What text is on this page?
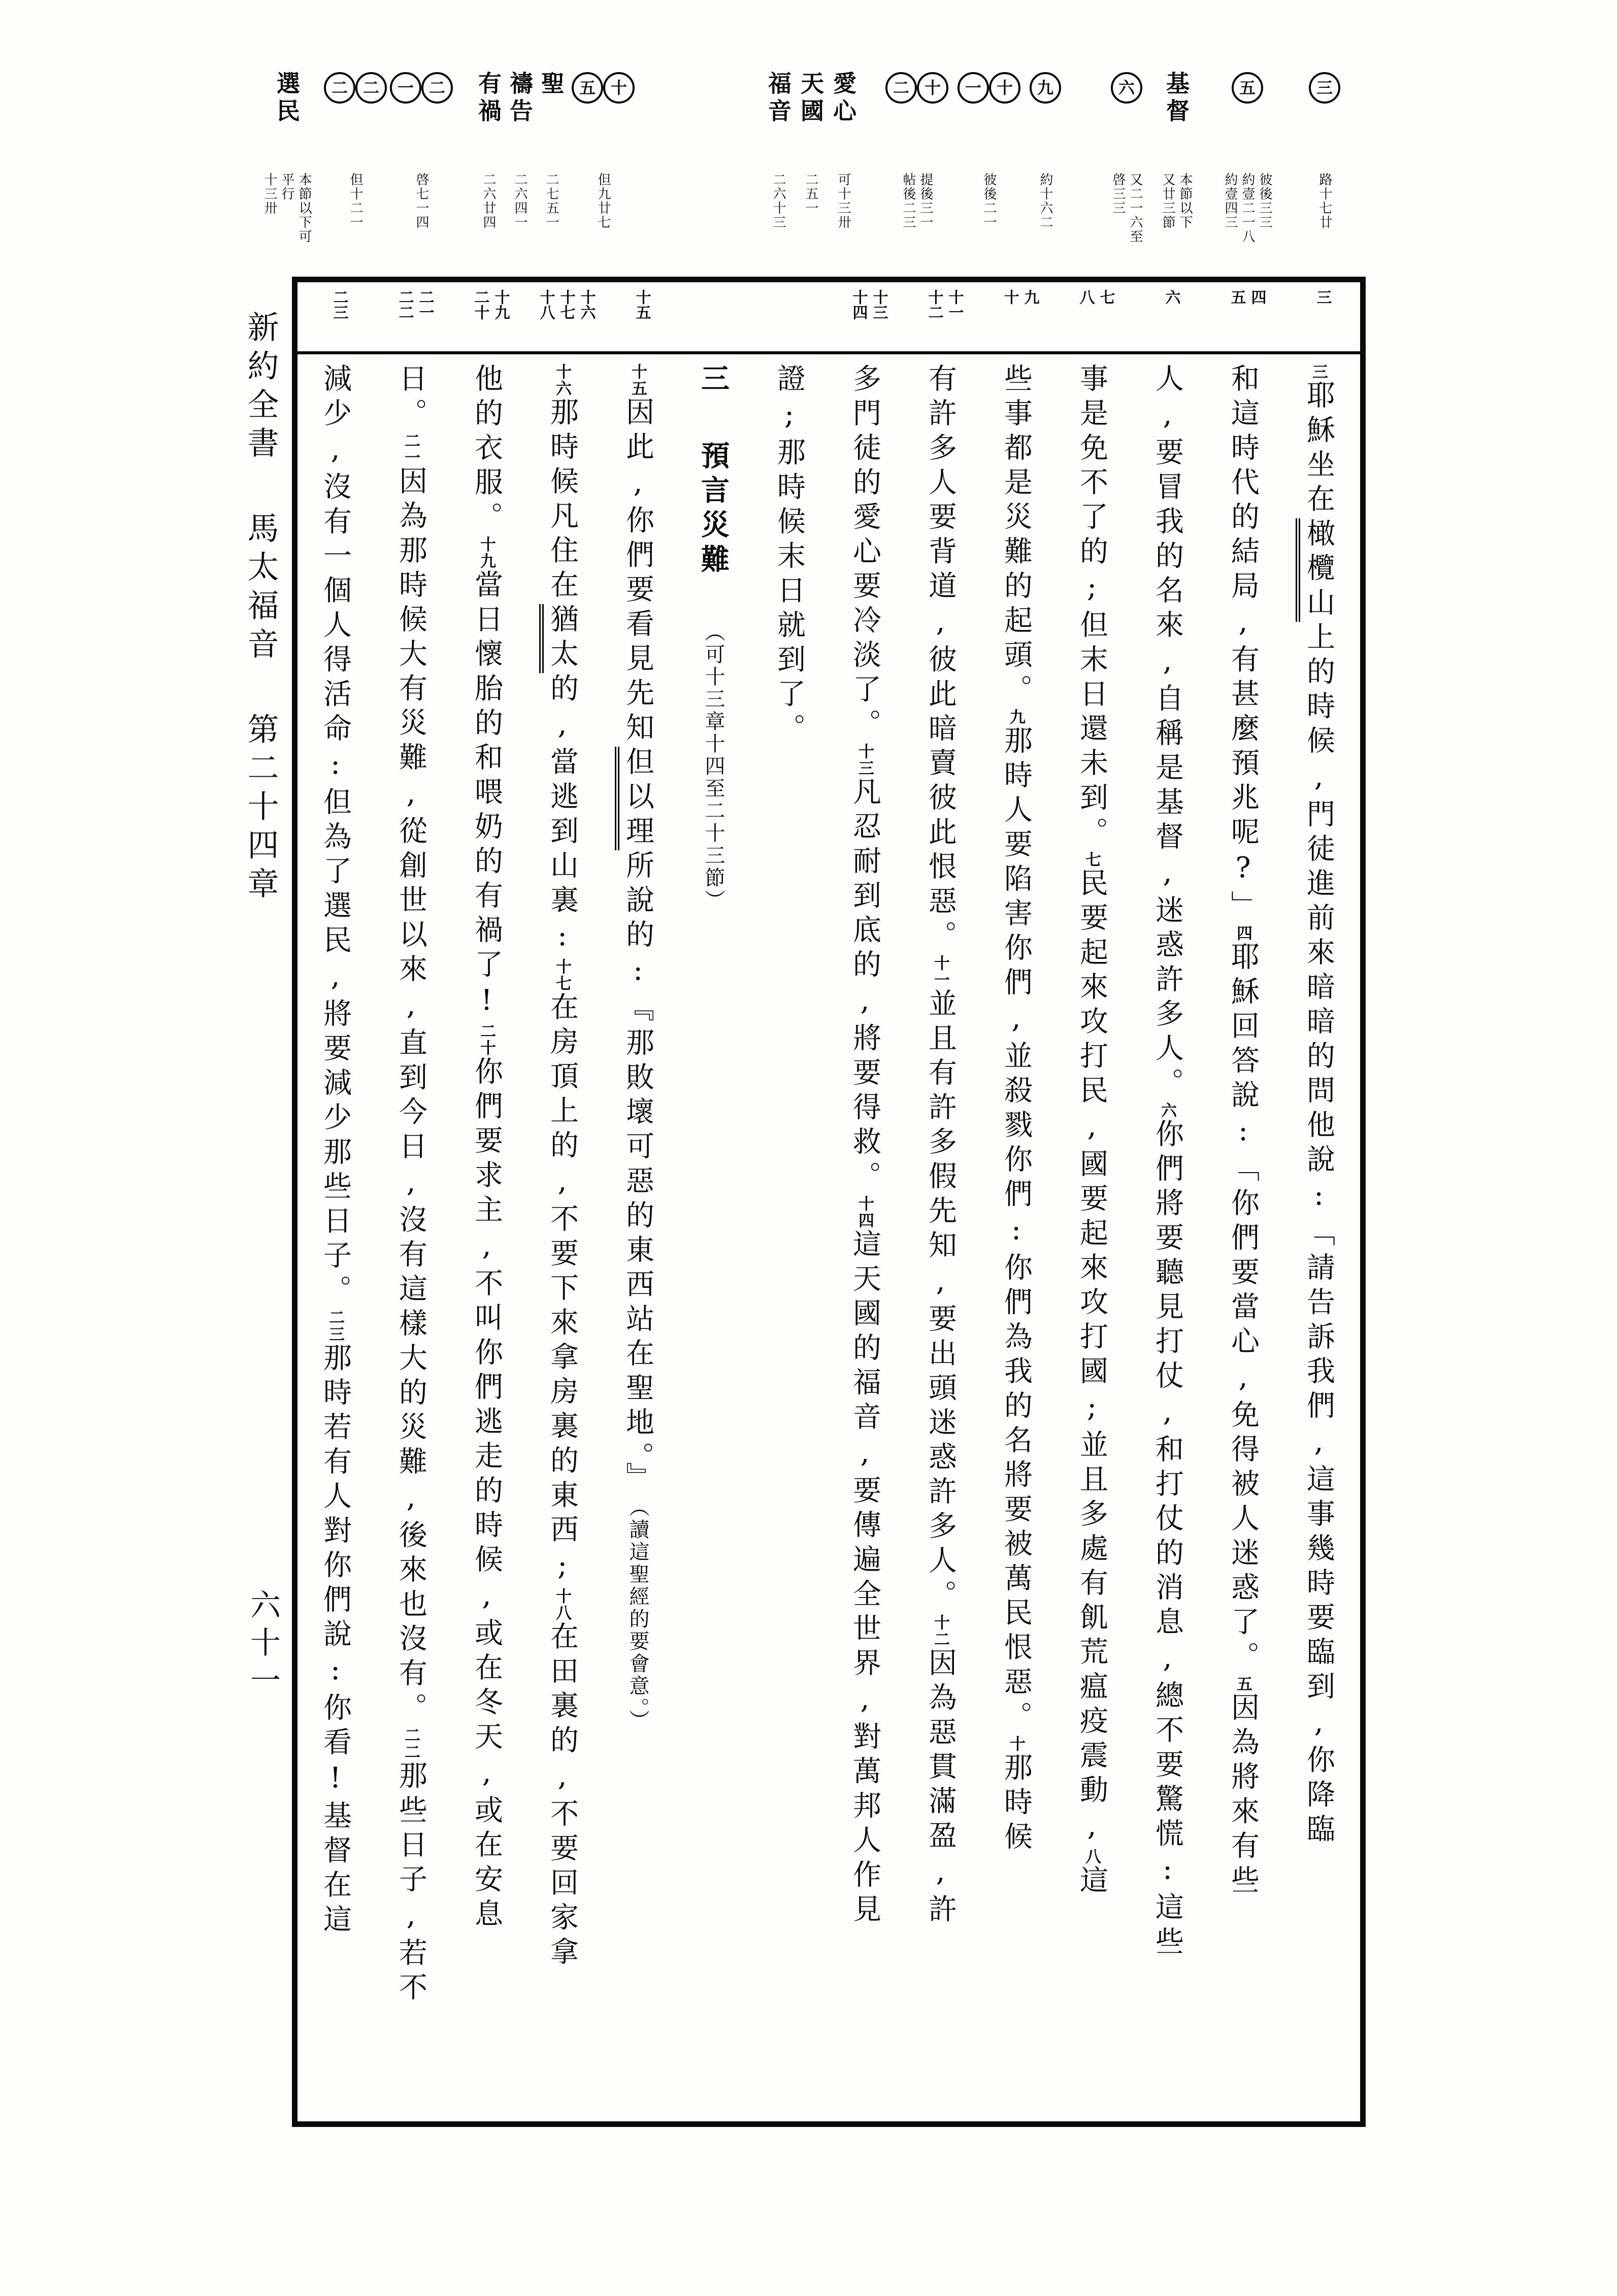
三
路十七廿
五
彼後三三
約壹二一八
約壹四三
基督
本節以下
又廿三節
六
又二一六至
啓三三
九
約十六二
十
一
彼後二一
十
二
提後三一
帖後二三
愛心
可十三卅
天國
二五一
福音
二六十三
十
五
但九廿七
聖
二七五一
禱告
二六四一
有禍
二六廿四
二
一
啓七一四
二
二
但十二一
選民
本節以下可
平行
十三卅
新約全書馬太福音第二十四章
六十一
三
四
五
六
七
八
九
十
十一
十二
十三
十四
十五
十六
十七
十八
十九
二十
二一
二二
二三
三耶穌坐在橄欖山上的時候,門徒進前來暗暗的問他說:﹁請告訴我們,這事幾時要臨到,你降臨
和這時代的結局,有甚麼預兆呢?﹂四耶穌回答說:﹁你們要當心,免得被人迷惑了。五因為將來有些
人,要冒我的名來,自稱是基督,迷惑許多人。六你們將要聽見打仗,和打仗的消息,總不要驚慌:這些
事是免不了的;但末日還未到。七民要起來攻打民,國要起來攻打國;並且多處有飢荒瘟疫震動,八這
些事都是災難的起頭。九那時人要陷害你們,並殺戮你們:你們為我的名將要被萬民恨惡。十那時候
有許多人要背道,彼此暗賣彼此恨惡。十一並且有許多假先知,要出頭迷惑許多人。十二因為惡貫滿盈,許
多門徒的愛心要冷淡了。十三凡忍耐到底的,將要得救。十四這天國的福音,要傳遍全世界,對萬邦人作見
證;那時候末日就到了。
三預言災難︵可十三章十四至二十三節︶
十五因此,你們要看見先知但以理所說的:﹃那敗壞可惡的東西站在聖地。﹄︵讀這聖經的要會意。︶
十六那時候凡住在猶太的,當逃到山裏:十七在房頂上的,不要下來拿房裏的東西;十八在田裏的,不要回家拿
他的衣服。十九當日懷胎的和喂奶的有禍了!二十你們要求主,不叫你們逃走的時候,或在冬天,或在安息
日。二一因為那時候大有災難,從創世以來,直到今日,沒有這樣大的災難,後來也沒有。二二那些日子,若不
減少,沒有一個人得活命:但為了選民,將要減少那些日子。二三那時若有人對你們說:你看!基督在這
